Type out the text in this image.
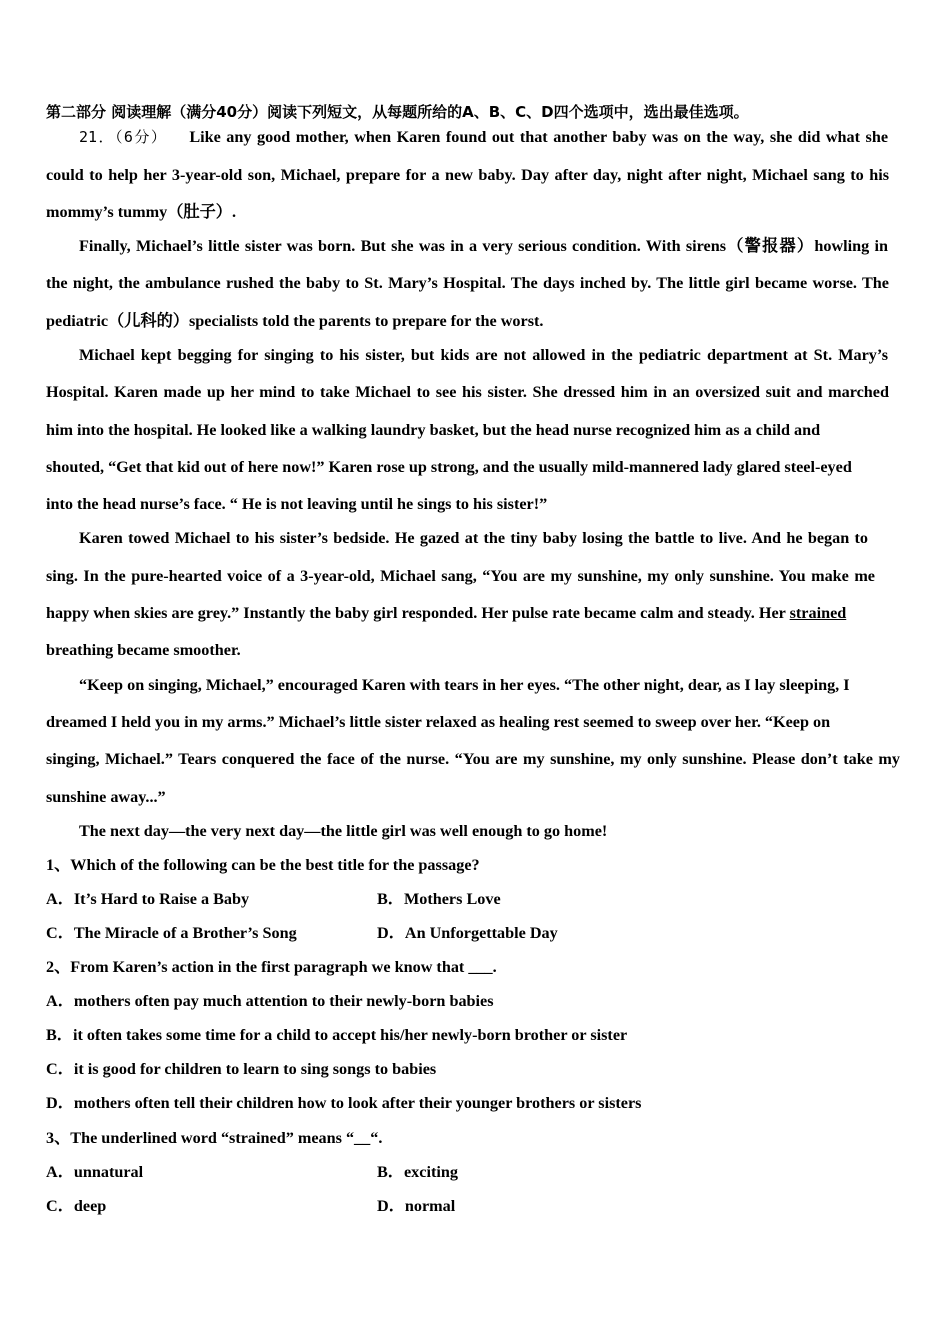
第二部分 阅读理解（满分40分）阅读下列短文，从每题所给的A、B、C、D四个选项中，选出最佳选项。
21．（6分） Like any good mother, when Karen found out that another baby was on the way, she did what she
could to help her 3-year-old son, Michael, prepare for a new baby. Day after day, night after night, Michael sang to his
mommy’s tummy（肚子）.
Finally, Michael’s little sister was born. But she was in a very serious condition. With sirens（警报器）howling in
the night, the ambulance rushed the baby to St. Mary’s Hospital. The days inched by. The little girl became worse. The
pediatric（儿科的）specialists told the parents to prepare for the worst.
Michael kept begging for singing to his sister, but kids are not allowed in the pediatric department at St. Mary’s
Hospital. Karen made up her mind to take Michael to see his sister. She dressed him in an oversized suit and marched
him into the hospital. He looked like a walking laundry basket, but the head nurse recognized him as a child and
shouted, “Get that kid out of here now!” Karen rose up strong, and the usually mild-mannered lady glared steel-eyed
into the head nurse’s face. “ He is not leaving until he sings to his sister!”
Karen towed Michael to his sister’s bedside. He gazed at the tiny baby losing the battle to live. And he began to
sing. In the pure-hearted voice of a 3-year-old, Michael sang, “You are my sunshine, my only sunshine. You make me
happy when skies are grey.” Instantly the baby girl responded. Her pulse rate became calm and steady. Her strained
breathing became smoother.
“Keep on singing, Michael,” encouraged Karen with tears in her eyes. “The other night, dear, as I lay sleeping, I
dreamed I held you in my arms.” Michael’s little sister relaxed as healing rest seemed to sweep over her. “Keep on
singing, Michael.” Tears conquered the face of the nurse. “You are my sunshine, my only sunshine. Please don’t take my
sunshine away...”
The next day—the very next day—the little girl was well enough to go home!
1、Which of the following can be the best title for the passage?
A．It’s Hard to Raise a Baby	B．Mothers Love
C．The Miracle of a Brother’s Song	D．An Unforgettable Day
2、From Karen’s action in the first paragraph we know that ___.
A．mothers often pay much attention to their newly-born babies
B．it often takes some time for a child to accept his/her newly-born brother or sister
C．it is good for children to learn to sing songs to babies
D．mothers often tell their children how to look after their younger brothers or sisters
3、The underlined word “strained” means “__“.
A．unnatural	B．exciting
C．deep	D．normal
